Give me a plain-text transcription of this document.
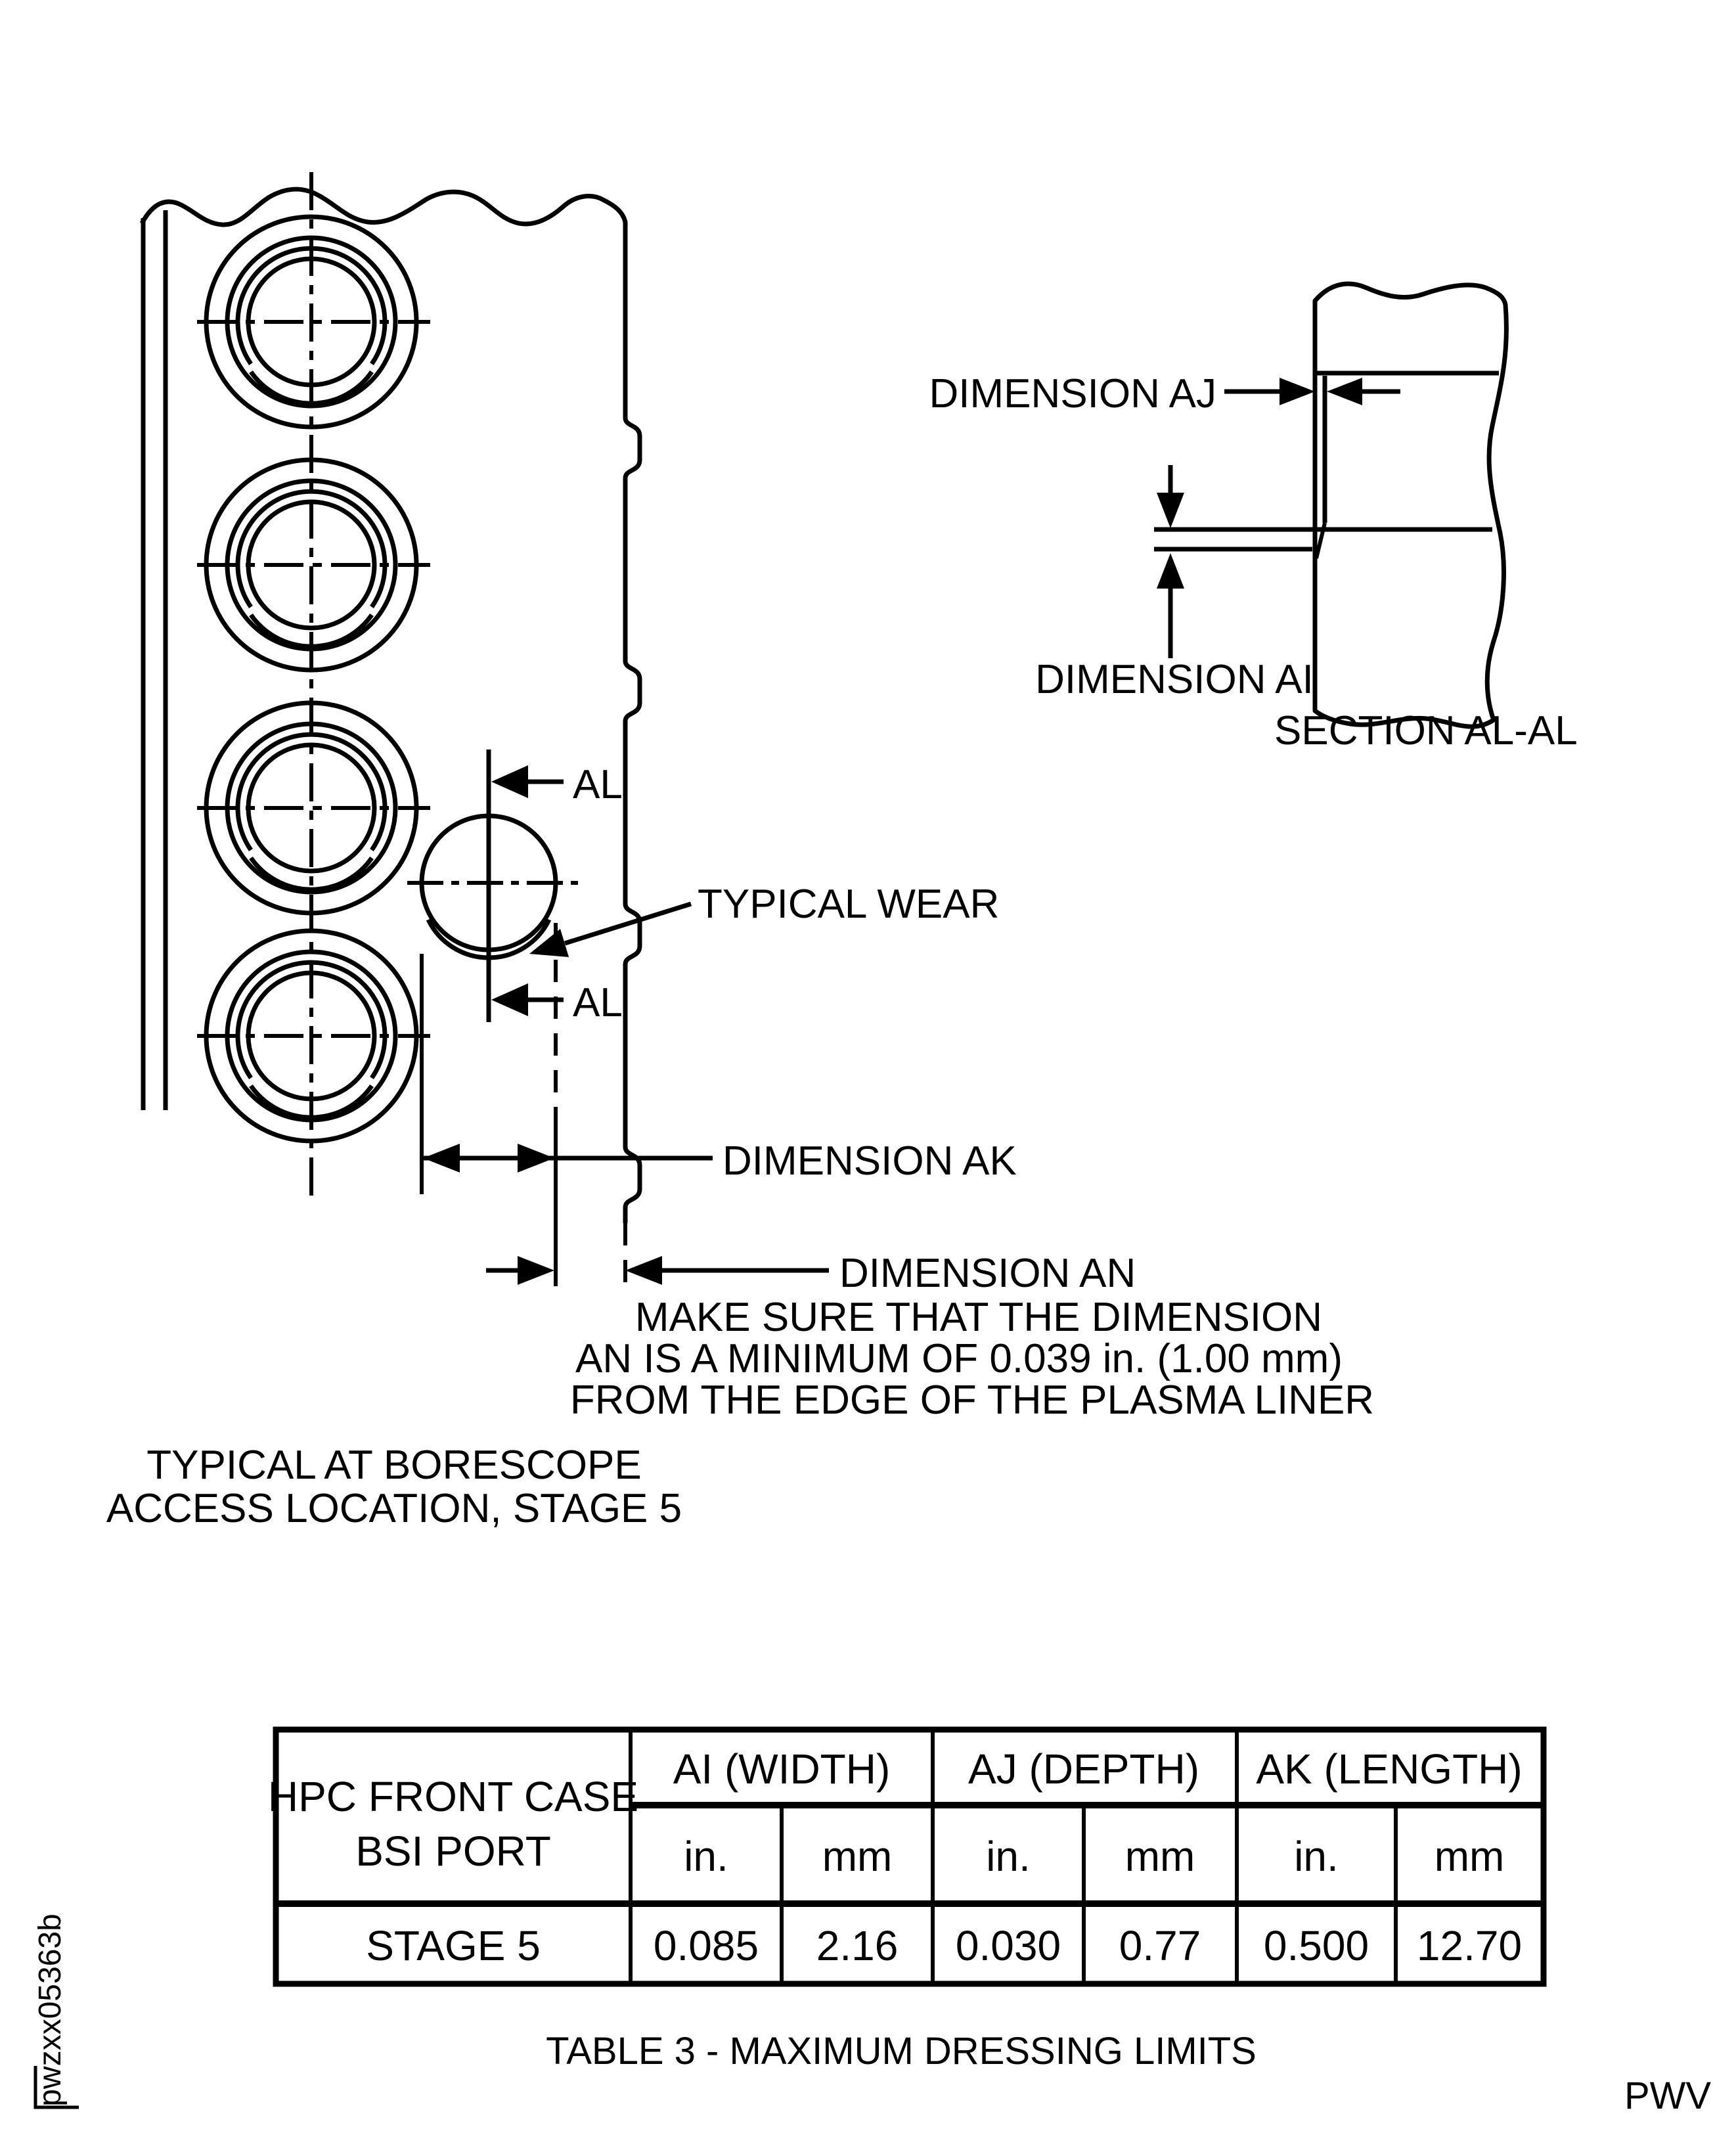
AL
AL
TYPICAL WEAR
DIMENSION AK
DIMENSION AN
MAKE SURE THAT THE DIMENSION
AN IS A MINIMUM OF 0.039 in. (1.00 mm)
FROM THE EDGE OF THE PLASMA LINER
TYPICAL AT BORESCOPE
ACCESS LOCATION, STAGE 5
DIMENSION AJ
DIMENSION AI
SECTION AL-AL
HPC FRONT CASE
BSI PORT
AI (WIDTH) AJ (DEPTH) AK (LENGTH)
in. mm in. mm in. mm
STAGE 5	0.085 2.16 0.030 0.77 0.500 12.70
TABLE 3 - MAXIMUM DRESSING LIMITS
pwzxx05363b	PWV
